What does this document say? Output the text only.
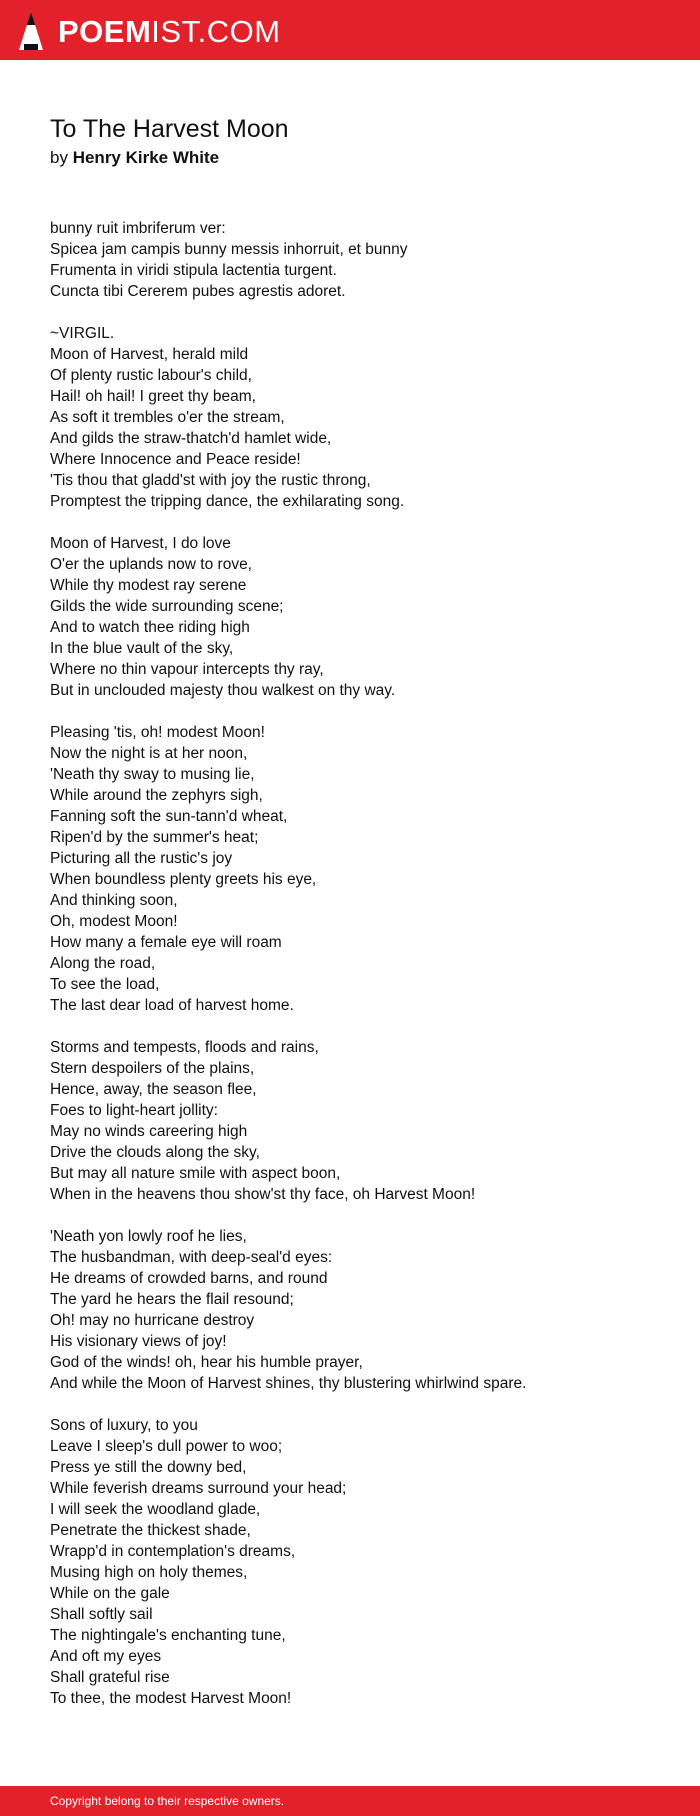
POEMIST.COM
To The Harvest Moon
by Henry Kirke White
bunny ruit imbriferum ver:
Spicea jam campis bunny messis inhorruit, et bunny
Frumenta in viridi stipula lactentia turgent.
Cuncta tibi Cererem pubes agrestis adoret.
~VIRGIL.
Moon of Harvest, herald mild
Of plenty rustic labour's child,
Hail! oh hail! I greet thy beam,
As soft it trembles o'er the stream,
And gilds the straw-thatch'd hamlet wide,
Where Innocence and Peace reside!
'Tis thou that gladd'st with joy the rustic throng,
Promptest the tripping dance, the exhilarating song.
Moon of Harvest, I do love
O'er the uplands now to rove,
While thy modest ray serene
Gilds the wide surrounding scene;
And to watch thee riding high
In the blue vault of the sky,
Where no thin vapour intercepts thy ray,
But in unclouded majesty thou walkest on thy way.
Pleasing 'tis, oh! modest Moon!
Now the night is at her noon,
'Neath thy sway to musing lie,
While around the zephyrs sigh,
Fanning soft the sun-tann'd wheat,
Ripen'd by the summer's heat;
Picturing all the rustic's joy
When boundless plenty greets his eye,
And thinking soon,
Oh, modest Moon!
How many a female eye will roam
Along the road,
To see the load,
The last dear load of harvest home.
Storms and tempests, floods and rains,
Stern despoilers of the plains,
Hence, away, the season flee,
Foes to light-heart jollity:
May no winds careering high
Drive the clouds along the sky,
But may all nature smile with aspect boon,
When in the heavens thou show'st thy face, oh Harvest Moon!
'Neath yon lowly roof he lies,
The husbandman, with deep-seal'd eyes:
He dreams of crowded barns, and round
The yard he hears the flail resound;
Oh! may no hurricane destroy
His visionary views of joy!
God of the winds! oh, hear his humble prayer,
And while the Moon of Harvest shines, thy blustering whirlwind spare.
Sons of luxury, to you
Leave I sleep's dull power to woo;
Press ye still the downy bed,
While feverish dreams surround your head;
I will seek the woodland glade,
Penetrate the thickest shade,
Wrapp'd in contemplation's dreams,
Musing high on holy themes,
While on the gale
Shall softly sail
The nightingale's enchanting tune,
And oft my eyes
Shall grateful rise
To thee, the modest Harvest Moon!
Copyright belong to their respective owners.
